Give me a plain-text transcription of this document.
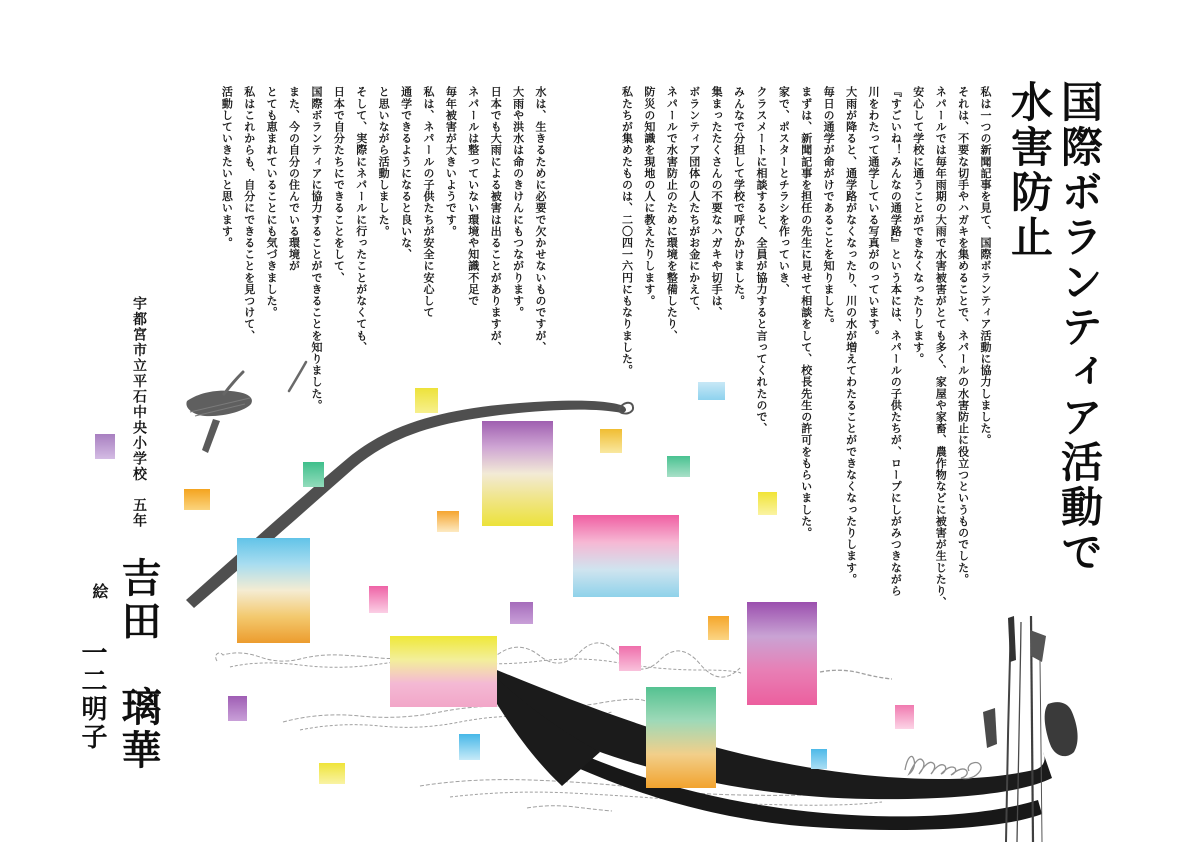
国際ボランティア活動で
水害防止
私は一つの新聞記事を見て、国際ボランティア活動に協力しました。
それは、不要な切手やハガキを集めることで、ネパールの水害防止に役立つというものでした。
ネパールでは毎年雨期の大雨で水害被害がとても多く、家屋や家畜、農作物などに被害が生じたり、
安心して学校に通うことができなくなったりします。
『すごいね！みんなの通学路』という本には、ネパールの子供たちが、ロープにしがみつきながら
川をわたって通学している写真がのっています。
大雨が降ると、通学路がなくなったり、川の水が増えてわたることができなくなったりします。
毎日の通学が命がけであることを知りました。
まずは、新聞記事を担任の先生に見せて相談をして、校長先生の許可をもらいました。
家で、ポスターとチラシを作っていき、
クラスメートに相談すると、全員が協力すると言ってくれたので、
みんなで分担して学校で呼びかけました。
集まったたくさんの不要なハガキや切手は、
ボランティア団体の人たちがお金にかえて、
ネパールで水害防止のために環境を整備したり、
防災の知識を現地の人に教えたりします。
私たちが集めたものは、二〇四一六円にもなりました。
水は、生きるために必要で欠かせないものですが、
大雨や洪水は命のきけんにもつながります。
日本でも大雨による被害は出ることがありますが、
ネパールは整っていない環境や知識不足で
毎年被害が大きいようです。
私は、ネパールの子供たちが安全に安心して
通学できるようになると良いな、
と思いながら活動しました。
そして、実際にネパールに行ったことがなくても、
日本で自分たちにできることをして、
国際ボランティアに協力することができることを知りました。
また、今の自分の住んでいる環境が
とても恵まれていることにも気づきました。
私はこれからも、自分にできることを見つけて、
活動していきたいと思います。
宇都宮市立平石中央小学校　五年
吉田　璃華
絵
一二明子
